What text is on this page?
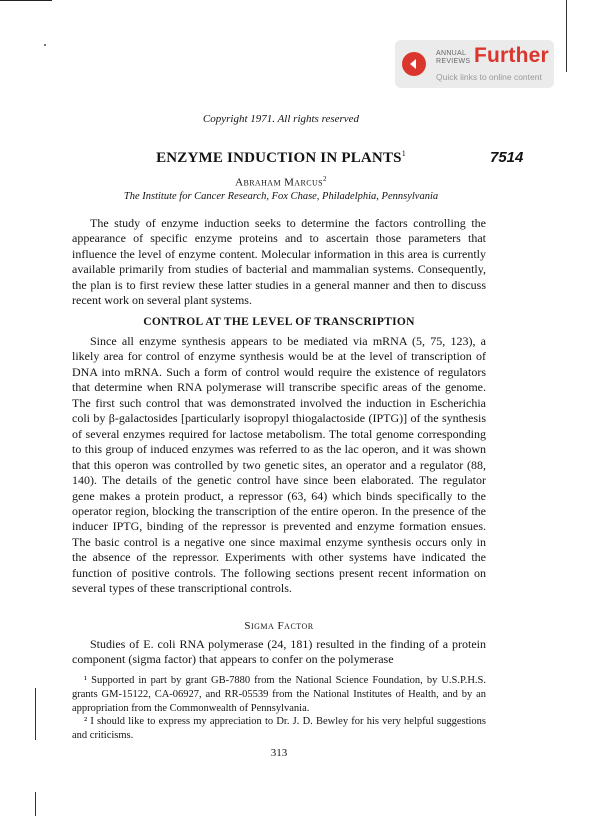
ANNUAL REVIEWS Further
Quick links to online content
Copyright 1971. All rights reserved
ENZYME INDUCTION IN PLANTS$^1$	7514
Abraham Marcus$^2$
The Institute for Cancer Research, Fox Chase, Philadelphia, Pennsylvania

The study of enzyme induction seeks to determine the factors controlling the appearance of specific enzyme proteins and to ascertain those parameters that influence the level of enzyme content. Molecular information in this area is currently available primarily from studies of bacterial and mammalian systems. Consequently, the plan is to first review these latter studies in a general manner and then to discuss recent work on several plant systems.

CONTROL AT THE LEVEL OF TRANSCRIPTION

Since all enzyme synthesis appears to be mediated via mRNA (5, 75, 123), a likely area for control of enzyme synthesis would be at the level of transcription of DNA into mRNA. Such a form of control would require the existence of regulators that determine when RNA polymerase will transcribe specific areas of the genome. The first such control that was demonstrated involved the induction in Escherichia coli by β-galactosides [particularly isopropyl thiogalactoside (IPTG)] of the synthesis of several enzymes required for lactose metabolism. The total genome corresponding to this group of induced enzymes was referred to as the lac operon, and it was shown that this operon was controlled by two genetic sites, an operator and a regulator (88, 140). The details of the genetic control have since been elaborated. The regulator gene makes a protein product, a repressor (63, 64) which binds specifically to the operator region, blocking the transcription of the entire operon. In the presence of the inducer IPTG, binding of the repressor is prevented and enzyme formation ensues. The basic control is a negative one since maximal enzyme synthesis occurs only in the absence of the repressor. Experiments with other systems have indicated the function of positive controls. The following sections present recent information on several types of these transcriptional controls.

Sigma Factor

Studies of E. coli RNA polymerase (24, 181) resulted in the finding of a protein component (sigma factor) that appears to confer on the polymerase

¹ Supported in part by grant GB-7880 from the National Science Foundation, by U.S.P.H.S. grants GM-15122, CA-06927, and RR-05539 from the National Institutes of Health, and by an appropriation from the Commonwealth of Pennsylvania.

² I should like to express my appreciation to Dr. J. D. Bewley for his very helpful suggestions and criticisms.

313
